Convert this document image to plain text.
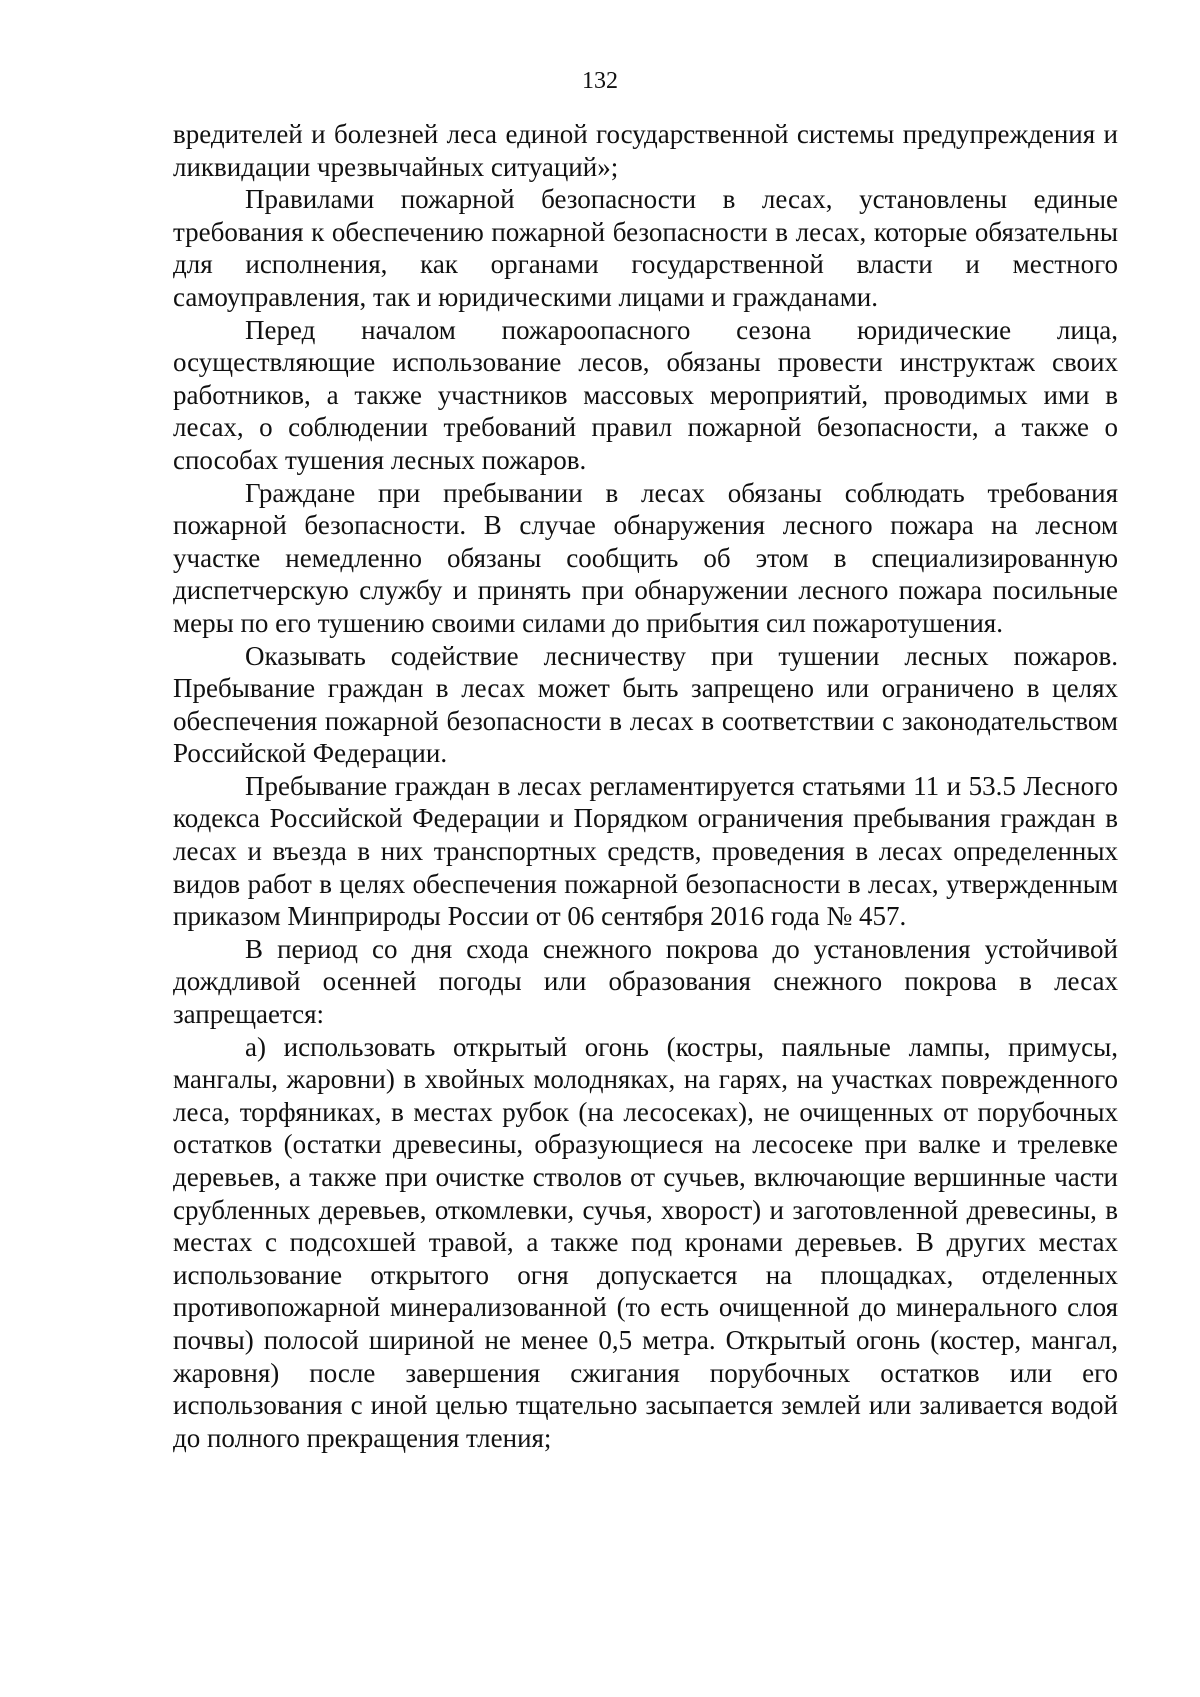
132

вредителей и болезней леса единой государственной системы предупреждения и ликвидации чрезвычайных ситуаций»;

Правилами пожарной безопасности в лесах, установлены единые требования к обеспечению пожарной безопасности в лесах, которые обязательны для исполнения, как органами государственной власти и местного самоуправления, так и юридическими лицами и гражданами.

Перед началом пожароопасного сезона юридические лица, осуществляющие использование лесов, обязаны провести инструктаж своих работников, а также участников массовых мероприятий, проводимых ими в лесах, о соблюдении требований правил пожарной безопасности, а также о способах тушения лесных пожаров.

Граждане при пребывании в лесах обязаны соблюдать требования пожарной безопасности. В случае обнаружения лесного пожара на лесном участке немедленно обязаны сообщить об этом в специализированную диспетчерскую службу и принять при обнаружении лесного пожара посильные меры по его тушению своими силами до прибытия сил пожаротушения.

Оказывать содействие лесничеству при тушении лесных пожаров. Пребывание граждан в лесах может быть запрещено или ограничено в целях обеспечения пожарной безопасности в лесах в соответствии с законодательством Российской Федерации.

Пребывание граждан в лесах регламентируется статьями 11 и 53.5 Лесного кодекса Российской Федерации и Порядком ограничения пребывания граждан в лесах и въезда в них транспортных средств, проведения в лесах определенных видов работ в целях обеспечения пожарной безопасности в лесах, утвержденным приказом Минприроды России от 06 сентября 2016 года № 457.

В период со дня схода снежного покрова до установления устойчивой дождливой осенней погоды или образования снежного покрова в лесах запрещается:

а) использовать открытый огонь (костры, паяльные лампы, примусы, мангалы, жаровни) в хвойных молодняках, на гарях, на участках поврежденного леса, торфяниках, в местах рубок (на лесосеках), не очищенных от порубочных остатков (остатки древесины, образующиеся на лесосеке при валке и трелевке деревьев, а также при очистке стволов от сучьев, включающие вершинные части срубленных деревьев, откомлевки, сучья, хворост) и заготовленной древесины, в местах с подсохшей травой, а также под кронами деревьев. В других местах использование открытого огня допускается на площадках, отделенных противопожарной минерализованной (то есть очищенной до минерального слоя почвы) полосой шириной не менее 0,5 метра. Открытый огонь (костер, мангал, жаровня) после завершения сжигания порубочных остатков или его использования с иной целью тщательно засыпается землей или заливается водой до полного прекращения тления;
